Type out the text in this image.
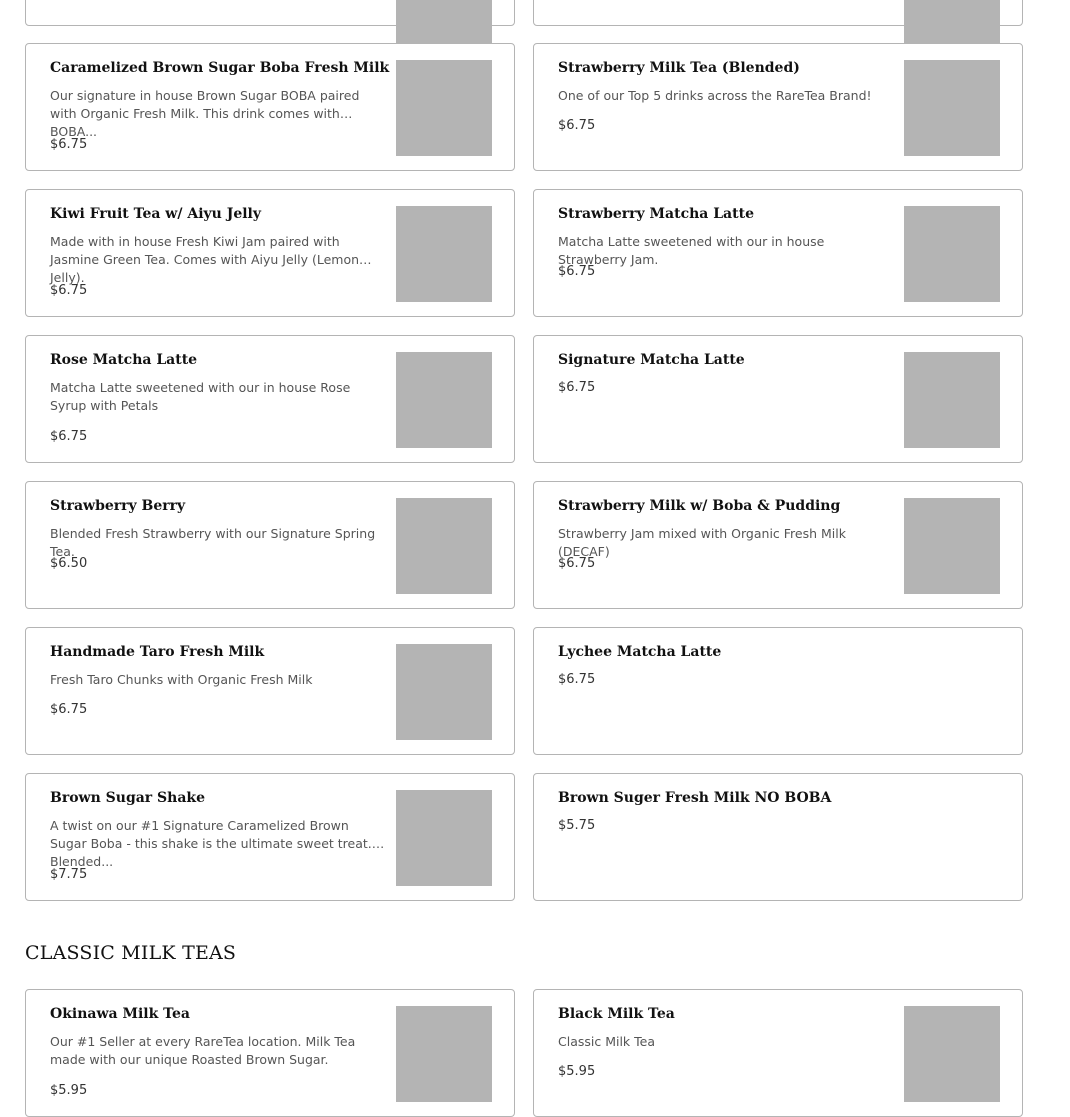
Caramelized Brown Sugar Boba Fresh Milk
Our signature in house Brown Sugar BOBA paired with Organic Fresh Milk. This drink comes with BOBA...
$6.75
Strawberry Milk Tea (Blended)
One of our Top 5 drinks across the RareTea Brand!
$6.75
Kiwi Fruit Tea w/ Aiyu Jelly
Made with in house Fresh Kiwi Jam paired with Jasmine Green Tea. Comes with Aiyu Jelly (Lemon Jelly).
$6.75
Strawberry Matcha Latte
Matcha Latte sweetened with our in house Strawberry Jam.
$6.75
Rose Matcha Latte
Matcha Latte sweetened with our in house Rose Syrup with Petals
$6.75
Signature Matcha Latte
$6.75
Strawberry Berry
Blended Fresh Strawberry with our Signature Spring Tea.
$6.50
Strawberry Milk w/ Boba & Pudding
Strawberry Jam mixed with Organic Fresh Milk (DECAF)
$6.75
Handmade Taro Fresh Milk
Fresh Taro Chunks with Organic Fresh Milk
$6.75
Lychee Matcha Latte
$6.75
Brown Sugar Shake
A twist on our #1 Signature Caramelized Brown Sugar Boba - this shake is the ultimate sweet treat. Blended...
$7.75
Brown Suger Fresh Milk NO BOBA
$5.75
CLASSIC MILK TEAS
Okinawa Milk Tea
Our #1 Seller at every RareTea location. Milk Tea made with our unique Roasted Brown Sugar.
$5.95
Black Milk Tea
Classic Milk Tea
$5.95
